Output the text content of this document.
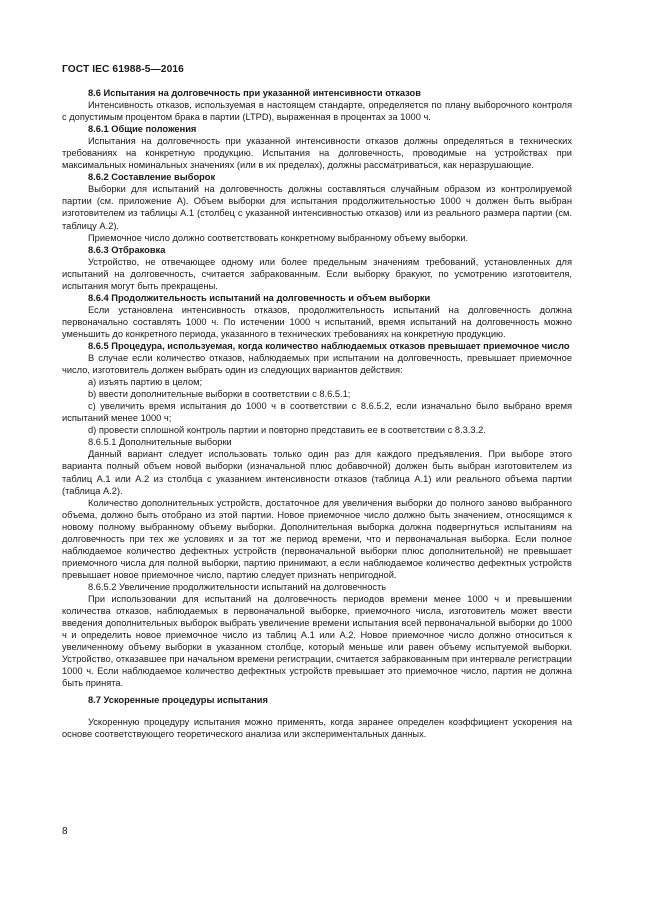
ГОСТ IEC 61988-5—2016

8.6 Испытания на долговечность при указанной интенсивности отказов

Интенсивность отказов, используемая в настоящем стандарте, определяется по плану выборочного контроля с допустимым процентом брака в партии (LTPD), выраженная в процентах за 1000 ч.

8.6.1 Общие положения

Испытания на долговечность при указанной интенсивности отказов должны определяться в технических требованиях на конкретную продукцию. Испытания на долговечность, проводимые на устройствах при максимальных номинальных значениях (или в их пределах), должны рассматриваться, как неразрушающие.

8.6.2 Составление выборок

Выборки для испытаний на долговечность должны составляться случайным образом из контролируемой партии (см. приложение А). Объем выборки для испытания продолжительностью 1000 ч должен быть выбран изготовителем из таблицы А.1 (столбец с указанной интенсивностью отказов) или из реального размера партии (см. таблицу А.2).

Приемочное число должно соответствовать конкретному выбранному объему выборки.

8.6.3 Отбраковка

Устройство, не отвечающее одному или более предельным значениям требований, установленных для испытаний на долговечность, считается забракованным. Если выборку бракуют, по усмотрению изготовителя, испытания могут быть прекращены.

8.6.4 Продолжительность испытаний на долговечность и объем выборки

Если установлена интенсивность отказов, продолжительность испытаний на долговечность должна первоначально составлять 1000 ч. По истечении 1000 ч испытаний, время испытаний на долговечность можно уменьшить до конкретного периода, указанного в технических требованиях на конкретную продукцию.

8.6.5 Процедура, используемая, когда количество наблюдаемых отказов превышает приемочное число

В случае если количество отказов, наблюдаемых при испытании на долговечность, превышает приемочное число, изготовитель должен выбрать один из следующих вариантов действия:

a) изъять партию в целом;

b) ввести дополнительные выборки в соответствии с 8.6.5.1;

c) увеличить время испытания до 1000 ч в соответствии с 8.6.5.2, если изначально было выбрано время испытаний менее 1000 ч;

d) провести сплошной контроль партии и повторно представить ее в соответствии с 8.3.3.2.

8.6.5.1 Дополнительные выборки

Данный вариант следует использовать только один раз для каждого предъявления. При выборе этого варианта полный объем новой выборки (изначальной плюс добавочной) должен быть выбран изготовителем из таблиц А.1 или А.2 из столбца с указанием интенсивности отказов (таблица А.1) или реального объема партии (таблица А.2).

Количество дополнительных устройств, достаточное для увеличения выборки до полного заново выбранного объема, должно быть отобрано из этой партии. Новое приемочное число должно быть значением, относящимся к новому полному выбранному объему выборки. Дополнительная выборка должна подвергнуться испытаниям на долговечность при тех же условиях и за тот же период времени, что и первоначальная выборка. Если полное наблюдаемое количество дефектных устройств (первоначальной выборки плюс дополнительной) не превышает приемочного числа для полной выборки, партию принимают, а если наблюдаемое количество дефектных устройств превышает новое приемочное число, партию следует признать непригодной.

8.6.5.2 Увеличение продолжительности испытаний на долговечность

При использовании для испытаний на долговечность периодов времени менее 1000 ч и превышении количества отказов, наблюдаемых в первоначальной выборке, приемочного числа, изготовитель может ввести введения дополнительных выборок выбрать увеличение времени испытания всей первоначальной выборки до 1000 ч и определить новое приемочное число из таблиц А.1 или А.2. Новое приемочное число должно относиться к увеличенному объему выборки в указанном столбце, который меньше или равен объему испытуемой выборки. Устройство, отказавшее при начальном времени регистрации, считается забракованным при интервале регистрации 1000 ч. Если наблюдаемое количество дефектных устройств превышает это приемочное число, партия не должна быть принята.

8.7 Ускоренные процедуры испытания

Ускоренную процедуру испытания можно применять, когда заранее определен коэффициент ускорения на основе соответствующего теоретического анализа или экспериментальных данных.

8
